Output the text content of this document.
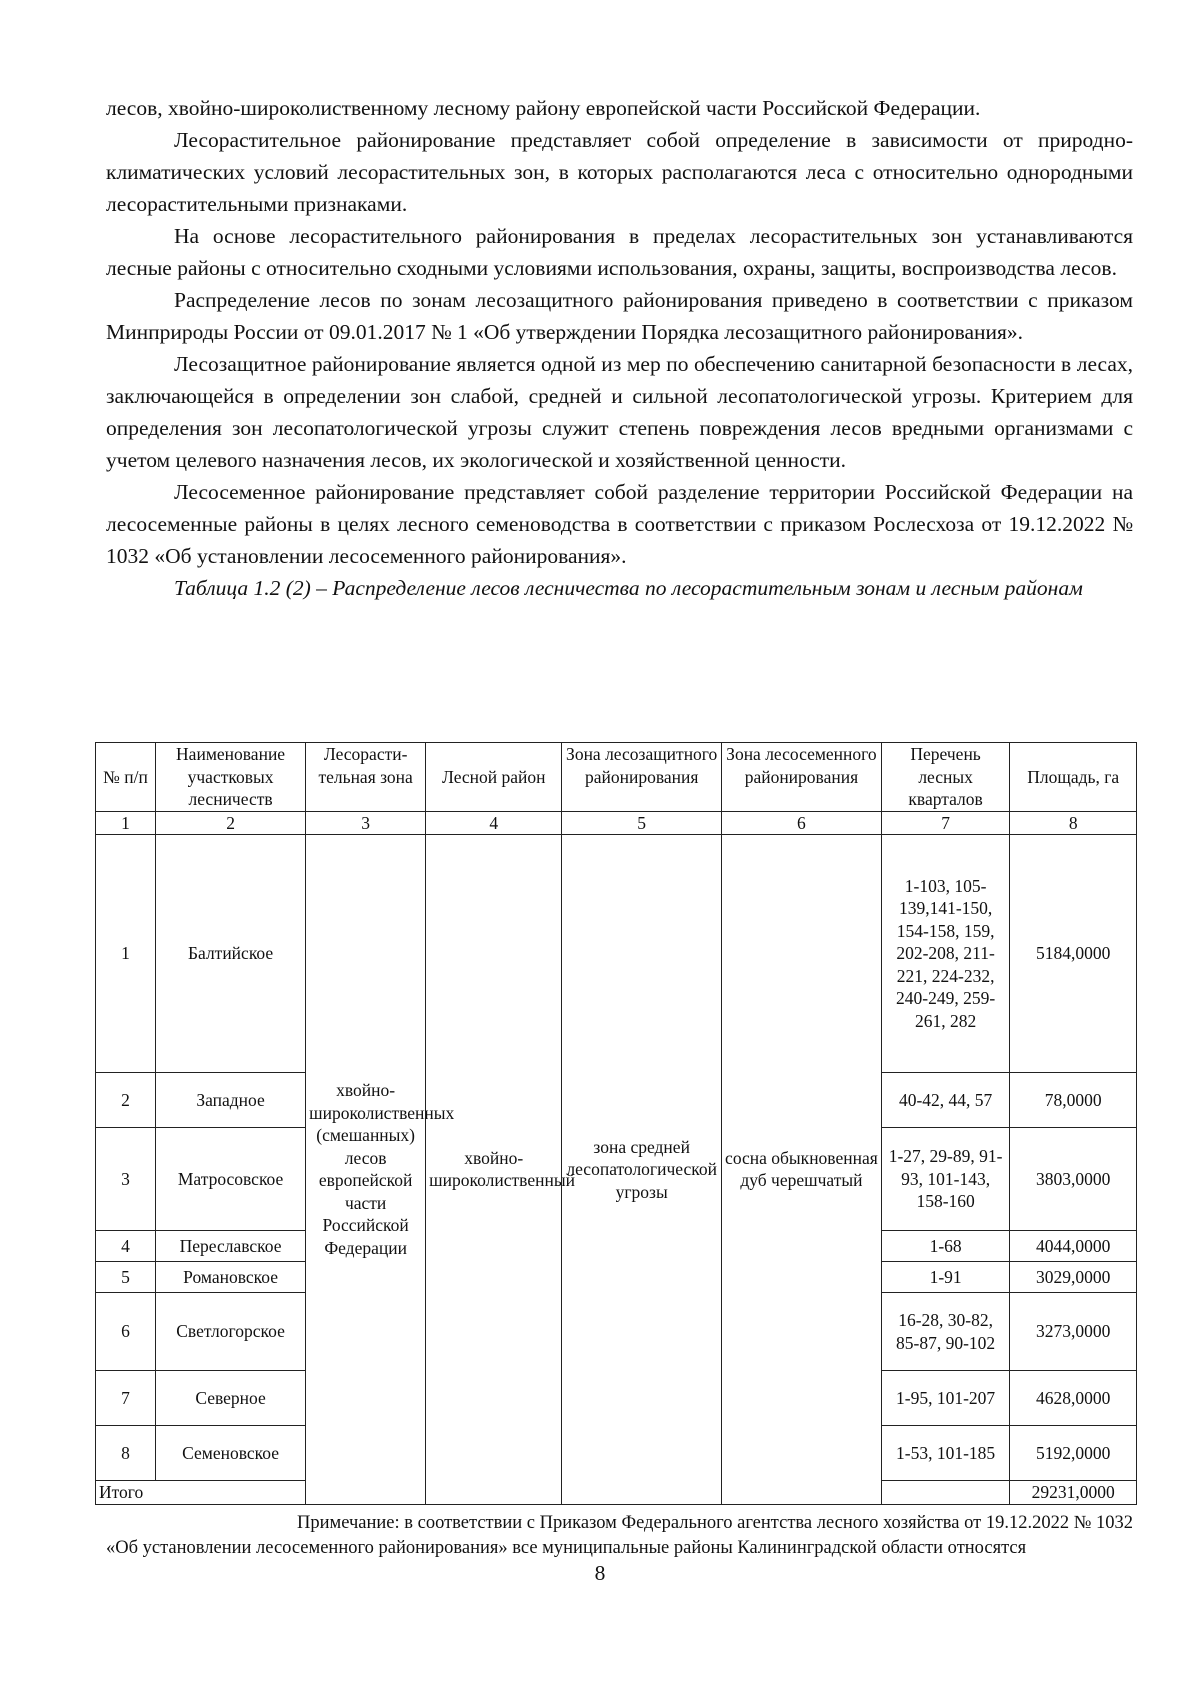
лесов, хвойно-широколиственному лесному району европейской части Российской Федерации.

Лесорастительное районирование представляет собой определение в зависимости от природно-климатических условий лесорастительных зон, в которых располагаются леса с относительно однородными лесорастительными признаками.

На основе лесорастительного районирования в пределах лесорастительных зон устанавливаются лесные районы с относительно сходными условиями использования, охраны, защиты, воспроизводства лесов.

Распределение лесов по зонам лесозащитного районирования приведено в соответствии с приказом Минприроды России от 09.01.2017 № 1 «Об утверждении Порядка лесозащитного районирования».

Лесозащитное районирование является одной из мер по обеспечению санитарной безопасности в лесах, заключающейся в определении зон слабой, средней и сильной лесопатологической угрозы. Критерием для определения зон лесопатологической угрозы служит степень повреждения лесов вредными организмами с учетом целевого назначения лесов, их экологической и хозяйственной ценности.

Лесосеменное районирование представляет собой разделение территории Российской Федерации на лесосеменные районы в целях лесного семеноводства в соответствии с приказом Рослесхоза от 19.12.2022 № 1032 «Об установлении лесосеменного районирования».

Таблица 1.2 (2) – Распределение лесов лесничества по лесорастительным зонам и лесным районам

№ п/п	Наименование участковых лесничеств	Лесорасти-тельная зона	Лесной район	Зона лесозащитного районирования	Зона лесосеменного районирования	Перечень лесных кварталов	Площадь, га
1	2	3	4	5	6	7	8
1	Балтийское	хвойно-широколиственных (смешанных) лесов европейской части Российской Федерации	хвойно-широколиственный	зона средней лесопатологической угрозы	сосна обыкновенная дуб черешчатый	1-103, 105-139,141-150, 154-158, 159, 202-208, 211-221, 224-232, 240-249, 259-261, 282	5184,0000
2	Западное					40-42, 44, 57	78,0000
3	Матросовское					1-27, 29-89, 91-93, 101-143, 158-160	3803,0000
4	Переславское					1-68	4044,0000
5	Романовское					1-91	3029,0000
6	Светлогорское					16-28, 30-82, 85-87, 90-102	3273,0000
7	Северное					1-95, 101-207	4628,0000
8	Семеновское					1-53, 101-185	5192,0000
Итого							29231,0000
Примечание: в соответствии с Приказом Федерального агентства лесного хозяйства от 19.12.2022 № 1032
«Об установлении лесосеменного районирования» все муниципальные районы Калининградской области относятся
8
